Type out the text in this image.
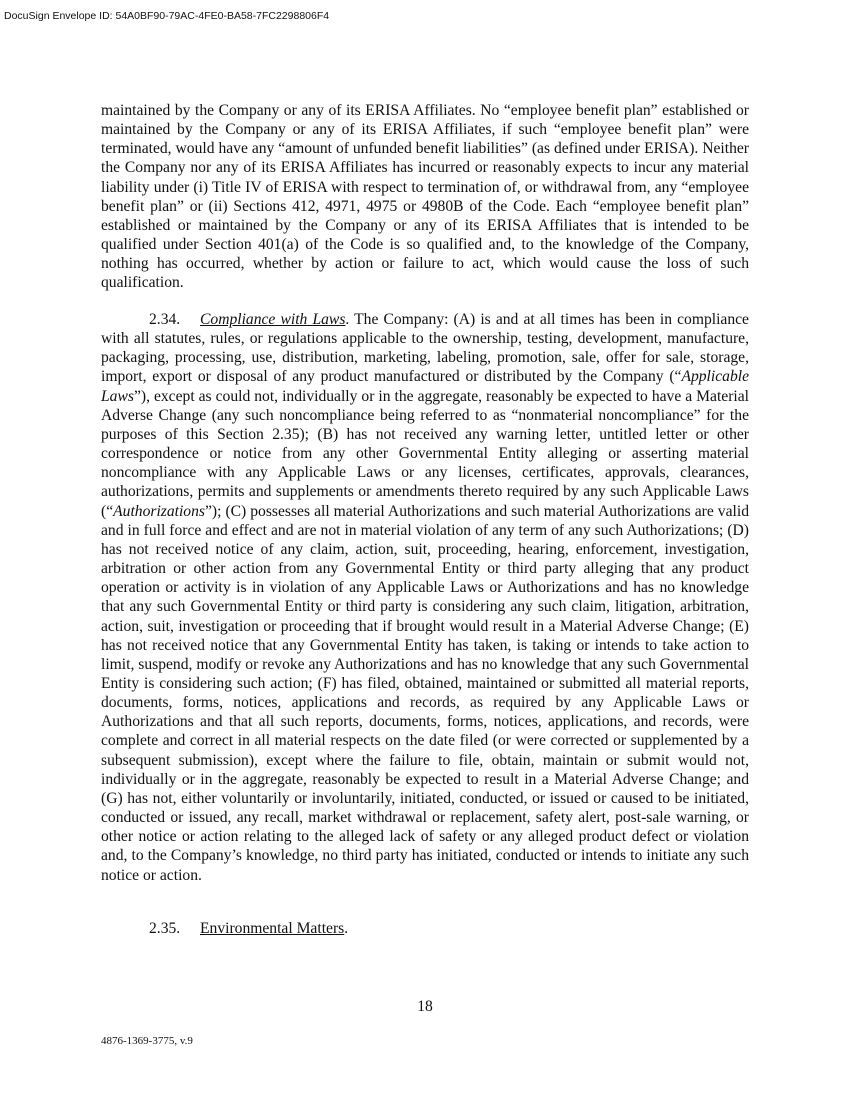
DocuSign Envelope ID: 54A0BF90-79AC-4FE0-BA58-7FC2298806F4

maintained by the Company or any of its ERISA Affiliates. No “employee benefit plan” established or maintained by the Company or any of its ERISA Affiliates, if such “employee benefit plan” were terminated, would have any “amount of unfunded benefit liabilities” (as defined under ERISA). Neither the Company nor any of its ERISA Affiliates has incurred or reasonably expects to incur any material liability under (i) Title IV of ERISA with respect to termination of, or withdrawal from, any “employee benefit plan” or (ii) Sections 412, 4971, 4975 or 4980B of the Code. Each “employee benefit plan” established or maintained by the Company or any of its ERISA Affiliates that is intended to be qualified under Section 401(a) of the Code is so qualified and, to the knowledge of the Company, nothing has occurred, whether by action or failure to act, which would cause the loss of such qualification.

2.34. Compliance with Laws. The Company: (A) is and at all times has been in compliance with all statutes, rules, or regulations applicable to the ownership, testing, development, manufacture, packaging, processing, use, distribution, marketing, labeling, promotion, sale, offer for sale, storage, import, export or disposal of any product manufactured or distributed by the Company (“Applicable Laws”), except as could not, individually or in the aggregate, reasonably be expected to have a Material Adverse Change (any such noncompliance being referred to as “nonmaterial noncompliance” for the purposes of this Section 2.35); (B) has not received any warning letter, untitled letter or other correspondence or notice from any other Governmental Entity alleging or asserting material noncompliance with any Applicable Laws or any licenses, certificates, approvals, clearances, authorizations, permits and supplements or amendments thereto required by any such Applicable Laws (“Authorizations”); (C) possesses all material Authorizations and such material Authorizations are valid and in full force and effect and are not in material violation of any term of any such Authorizations; (D) has not received notice of any claim, action, suit, proceeding, hearing, enforcement, investigation, arbitration or other action from any Governmental Entity or third party alleging that any product operation or activity is in violation of any Applicable Laws or Authorizations and has no knowledge that any such Governmental Entity or third party is considering any such claim, litigation, arbitration, action, suit, investigation or proceeding that if brought would result in a Material Adverse Change; (E) has not received notice that any Governmental Entity has taken, is taking or intends to take action to limit, suspend, modify or revoke any Authorizations and has no knowledge that any such Governmental Entity is considering such action; (F) has filed, obtained, maintained or submitted all material reports, documents, forms, notices, applications and records, as required by any Applicable Laws or Authorizations and that all such reports, documents, forms, notices, applications, and records, were complete and correct in all material respects on the date filed (or were corrected or supplemented by a subsequent submission), except where the failure to file, obtain, maintain or submit would not, individually or in the aggregate, reasonably be expected to result in a Material Adverse Change; and (G) has not, either voluntarily or involuntarily, initiated, conducted, or issued or caused to be initiated, conducted or issued, any recall, market withdrawal or replacement, safety alert, post-sale warning, or other notice or action relating to the alleged lack of safety or any alleged product defect or violation and, to the Company’s knowledge, no third party has initiated, conducted or intends to initiate any such notice or action.

2.35. Environmental Matters.

18
4876-1369-3775, v.9
